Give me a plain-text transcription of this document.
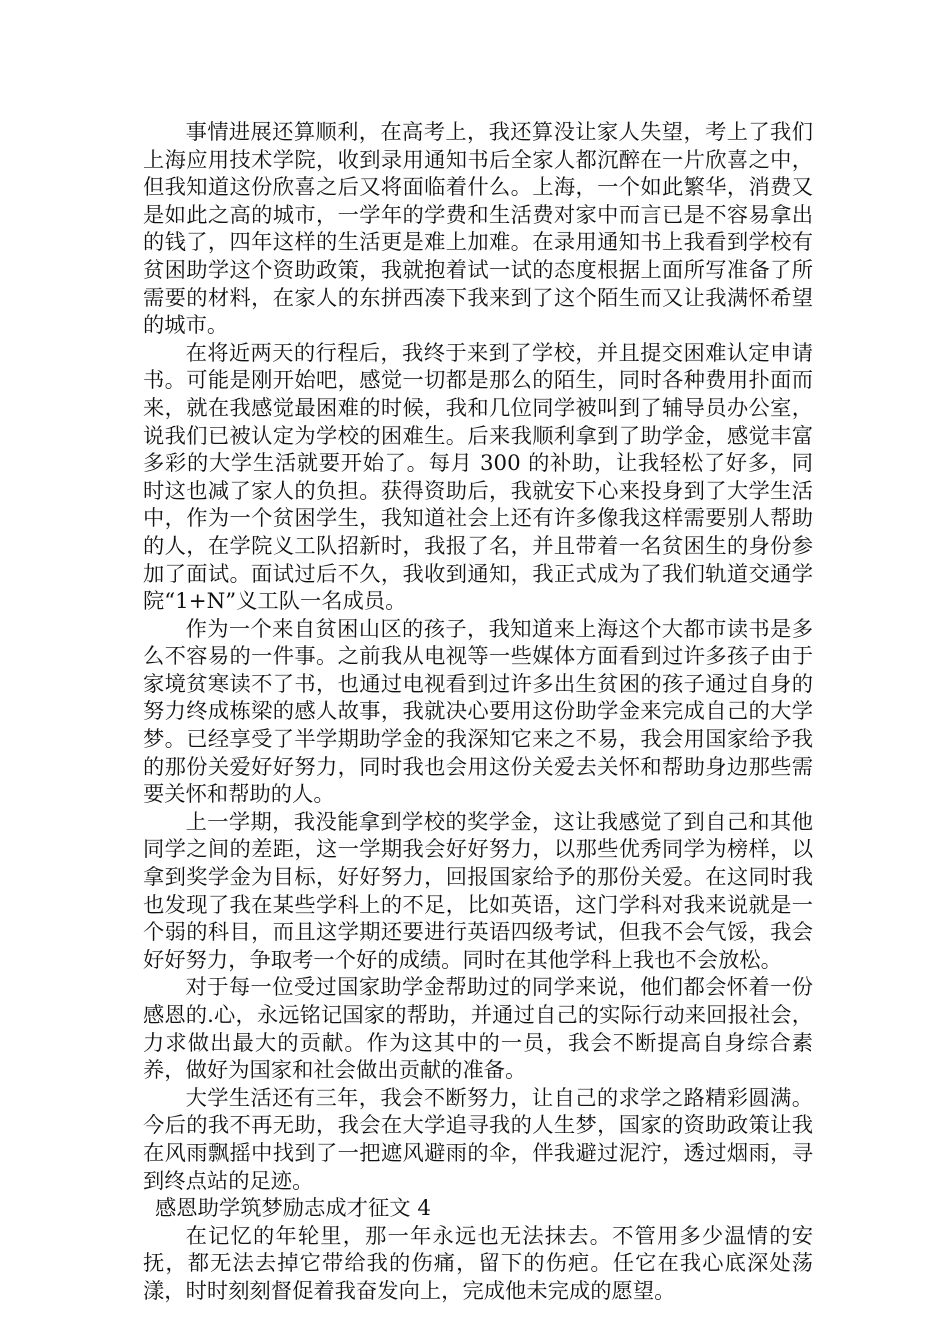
事情进展还算顺利，在高考上，我还算没让家人失望，考上了我们上海应用技术学院，收到录用通知书后全家人都沉醉在一片欣喜之中，但我知道这份欣喜之后又将面临着什么。上海，一个如此繁华，消费又是如此之高的城市，一学年的学费和生活费对家中而言已是不容易拿出的钱了，四年这样的生活更是难上加难。在录用通知书上我看到学校有贫困助学这个资助政策，我就抱着试一试的态度根据上面所写准备了所需要的材料，在家人的东拼西凑下我来到了这个陌生而又让我满怀希望的城市。

在将近两天的行程后，我终于来到了学校，并且提交困难认定申请书。可能是刚开始吧，感觉一切都是那么的陌生，同时各种费用扑面而来，就在我感觉最困难的时候，我和几位同学被叫到了辅导员办公室，说我们已被认定为学校的困难生。后来我顺利拿到了助学金，感觉丰富多彩的大学生活就要开始了。每月 300 的补助，让我轻松了好多，同时这也减了家人的负担。获得资助后，我就安下心来投身到了大学生活中，作为一个贫困学生，我知道社会上还有许多像我这样需要别人帮助的人，在学院义工队招新时，我报了名，并且带着一名贫困生的身份参加了面试。面试过后不久，我收到通知，我正式成为了我们轨道交通学院“1+N”义工队一名成员。

作为一个来自贫困山区的孩子，我知道来上海这个大都市读书是多么不容易的一件事。之前我从电视等一些媒体方面看到过许多孩子由于家境贫寒读不了书，也通过电视看到过许多出生贫困的孩子通过自身的努力终成栋梁的感人故事，我就决心要用这份助学金来完成自己的大学梦。已经享受了半学期助学金的我深知它来之不易，我会用国家给予我的那份关爱好好努力，同时我也会用这份关爱去关怀和帮助身边那些需要关怀和帮助的人。

上一学期，我没能拿到学校的奖学金，这让我感觉了到自己和其他同学之间的差距，这一学期我会好好努力，以那些优秀同学为榜样，以拿到奖学金为目标，好好努力，回报国家给予的那份关爱。在这同时我也发现了我在某些学科上的不足，比如英语，这门学科对我来说就是一个弱的科目，而且这学期还要进行英语四级考试，但我不会气馁，我会好好努力，争取考一个好的成绩。同时在其他学科上我也不会放松。

对于每一位受过国家助学金帮助过的同学来说，他们都会怀着一份感恩的.心，永远铭记国家的帮助，并通过自己的实际行动来回报社会，力求做出最大的贡献。作为这其中的一员，我会不断提高自身综合素养，做好为国家和社会做出贡献的准备。

大学生活还有三年，我会不断努力，让自己的求学之路精彩圆满。今后的我不再无助，我会在大学追寻我的人生梦，国家的资助政策让我在风雨飘摇中找到了一把遮风避雨的伞，伴我避过泥泞，透过烟雨，寻到终点站的足迹。

感恩助学筑梦励志成才征文 4

在记忆的年轮里，那一年永远也无法抹去。不管用多少温情的安抚，都无法去掉它带给我的伤痛，留下的伤疤。任它在我心底深处荡漾，时时刻刻督促着我奋发向上，完成他未完成的愿望。
